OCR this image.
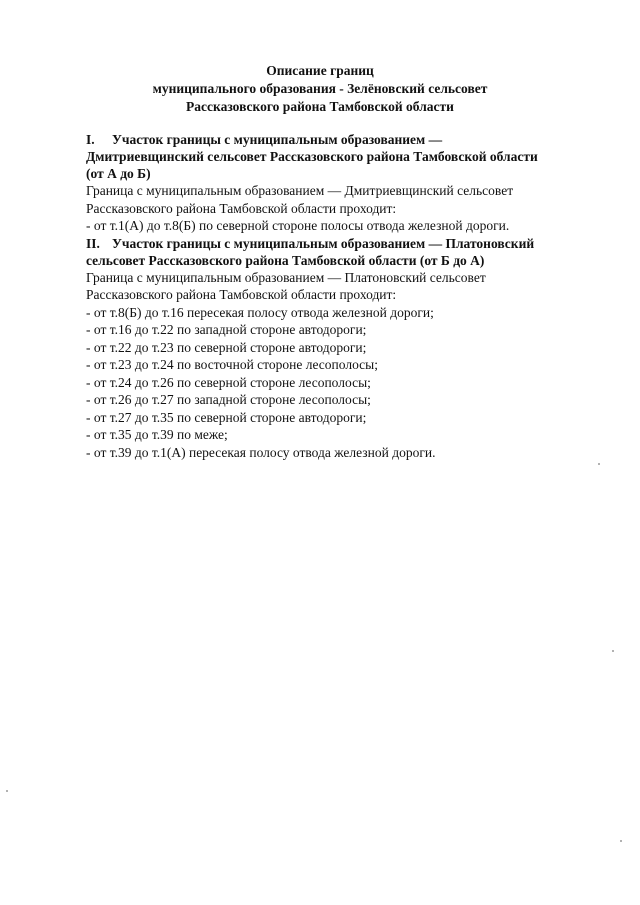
Описание границ
муниципального образования - Зелёновский сельсовет
Рассказовского района Тамбовской области
I. Участок границы с муниципальным образованием —
Дмитриевщинский сельсовет Рассказовского района Тамбовской области
(от А до Б)
Граница с муниципальным образованием — Дмитриевщинский сельсовет
Рассказовского района Тамбовской области проходит:
- от т.1(А) до т.8(Б) по северной стороне полосы отвода железной дороги.
II. Участок границы с муниципальным образованием — Платоновский
сельсовет Рассказовского района Тамбовской области (от Б до А)
Граница с муниципальным образованием — Платоновский сельсовет
Рассказовского района Тамбовской области проходит:
- от т.8(Б) до т.16 пересекая полосу отвода железной дороги;
- от т.16 до т.22 по западной стороне автодороги;
- от т.22 до т.23 по северной стороне автодороги;
- от т.23 до т.24 по восточной стороне лесополосы;
- от т.24 до т.26 по северной стороне лесополосы;
- от т.26 до т.27 по западной стороне лесополосы;
- от т.27 до т.35 по северной стороне автодороги;
- от т.35 до т.39 по меже;
- от т.39 до т.1(А) пересекая полосу отвода железной дороги.
